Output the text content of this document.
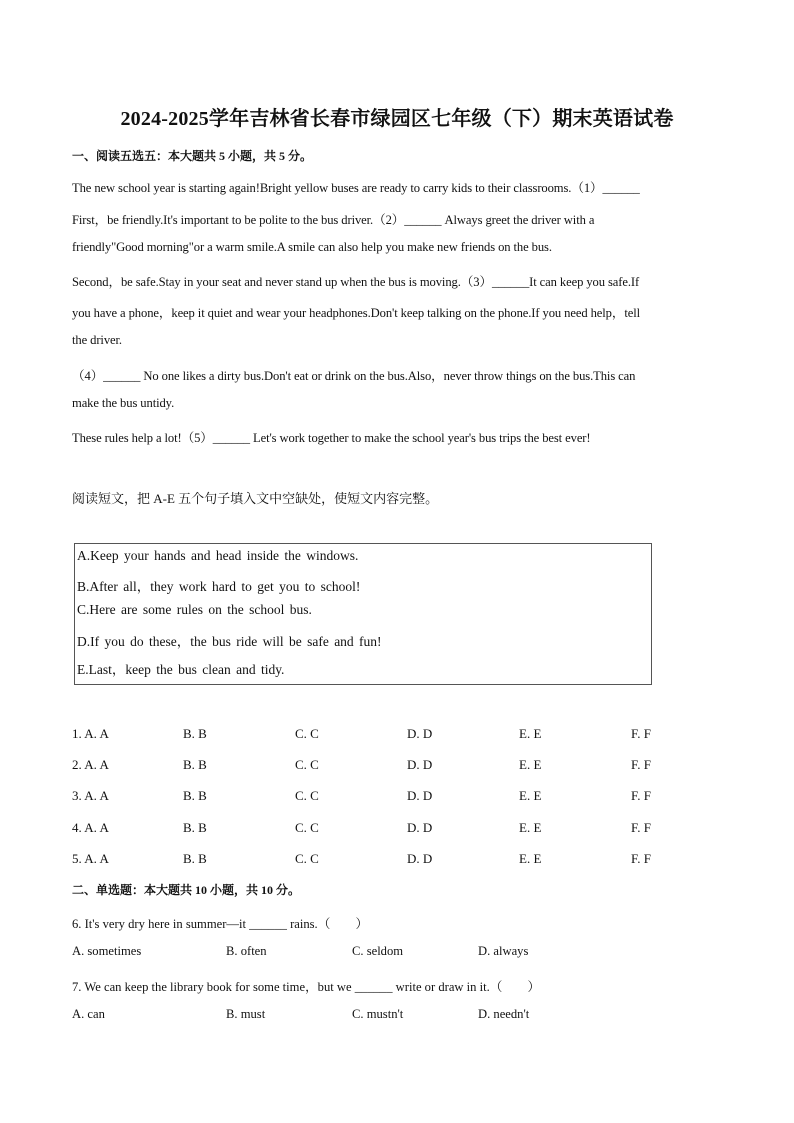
2024-2025学年吉林省长春市绿园区七年级（下）期末英语试卷
一、阅读五选五：本大题共 5 小题，共 5 分。
The new school year is starting again!Bright yellow buses are ready to carry kids to their classrooms.（1）______
First，be friendly.It's important to be polite to the bus driver.（2）______ Always greet the driver with a
friendly"Good morning"or a warm smile.A smile can also help you make new friends on the bus.
Second，be safe.Stay in your seat and never stand up when the bus is moving.（3）______It can keep you safe.If
you have a phone，keep it quiet and wear your headphones.Don't keep talking on the phone.If you need help，tell
the driver.
（4）______ No one likes a dirty bus.Don't eat or drink on the bus.Also，never throw things on the bus.This can
make the bus untidy.
These rules help a lot!（5）______ Let's work together to make the school year's bus trips the best ever!
阅读短文，把 A-E 五个句子填入文中空缺处，使短文内容完整。
A.Keep your hands and head inside the windows.
B.After all，they work hard to get you to school!
C.Here are some rules on the school bus.
D.If you do these，the bus ride will be safe and fun!
E.Last，keep the bus clean and tidy.
1. A. A	B. B	C. C	D. D	E. E	F. F
2. A. A	B. B	C. C	D. D	E. E	F. F
3. A. A	B. B	C. C	D. D	E. E	F. F
4. A. A	B. B	C. C	D. D	E. E	F. F
5. A. A	B. B	C. C	D. D	E. E	F. F
二、单选题：本大题共 10 小题，共 10 分。
6. It's very dry here in summer—it ______ rains.（　　）
A. sometimes	B. often	C. seldom	D. always
7. We can keep the library book for some time，but we ______ write or draw in it.（　　）
A. can	B. must	C. mustn't	D. needn't
